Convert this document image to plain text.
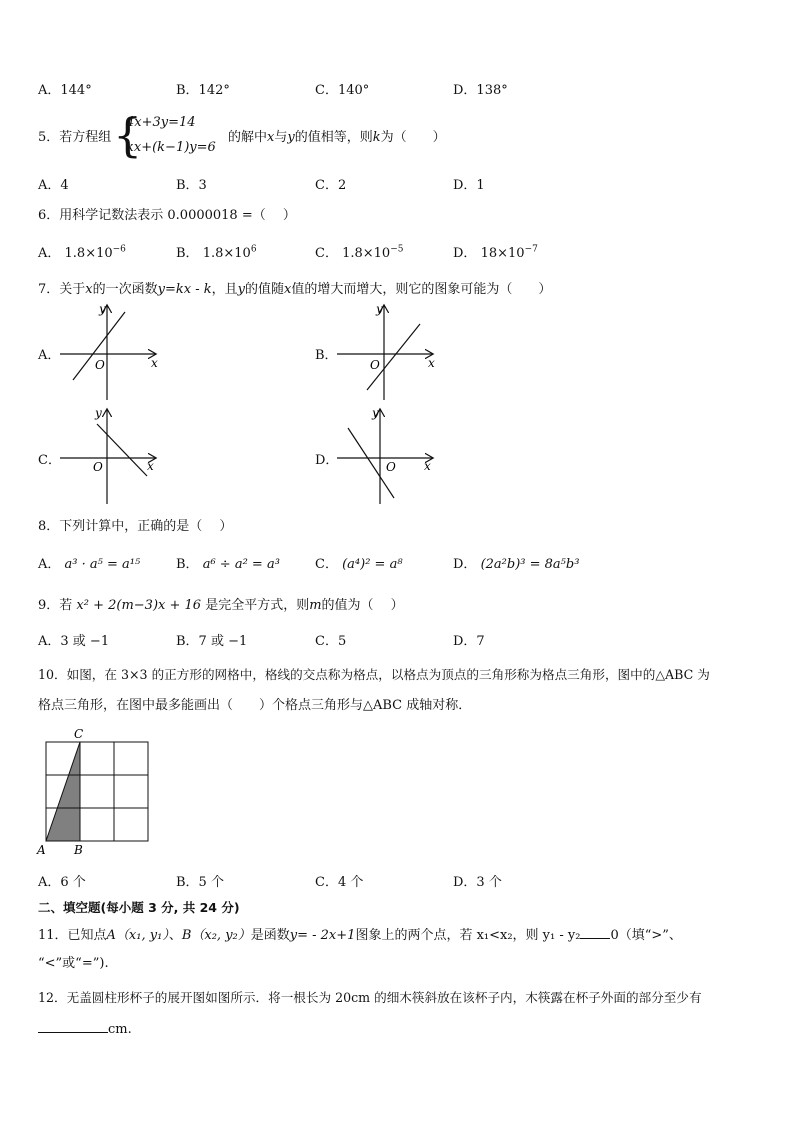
A．144°	B．142°	C．140°	D．138°
5．若方程组 {
4x+3y=14
kx+(k−1)y=6
的解中x与y的值相等，则k为（　　）
A．4	B．3	C．2	D．1
6．用科学记数法表示 0.0000018 =（　 ）
A． $1.8\times 10^{-6}$	B． $1.8\times 10^6$	C． $1.8\times 10^{-5}$	D． $18\times 10^{-7}$
7．关于x的一次函数y=kx - k，且y的值随x值的增大而增大，则它的图象可能为（　　）
A．	B．
C．	D．
y
x
O
y
x
O
y
x
O
y
x
O
8．下列计算中，正确的是（　 ）
A． a³ · a⁵ = a¹⁵	B． a⁶ ÷ a² = a³	C． (a⁴)² = a⁸	D． (2a²b)³ = 8a⁵b³
9．若 x² + 2(m−3)x + 16 是完全平方式，则m的值为（　 ）
A．3 或 −1	B．7 或 −1	C．5	D．7
10．如图，在 3×3 的正方形的网格中，格线的交点称为格点，以格点为顶点的三角形称为格点三角形，图中的△ABC 为
格点三角形，在图中最多能画出（　　）个格点三角形与△ABC 成轴对称．
C
A B
A．6 个	B．5 个	C．4 个	D．3 个
二、填空题(每小题 3 分, 共 24 分)
11．已知点A（x₁, y₁）、B（x₂, y₂）是函数y= - 2x+1图象上的两个点，若 x₁<x₂，则 y₁ - y₂ 0（填“>”、
“<”或“=”).
12．无盖圆柱形杯子的展开图如图所示．将一根长为 20cm 的细木筷斜放在该杯子内，木筷露在杯子外面的部分至少有
cm.
